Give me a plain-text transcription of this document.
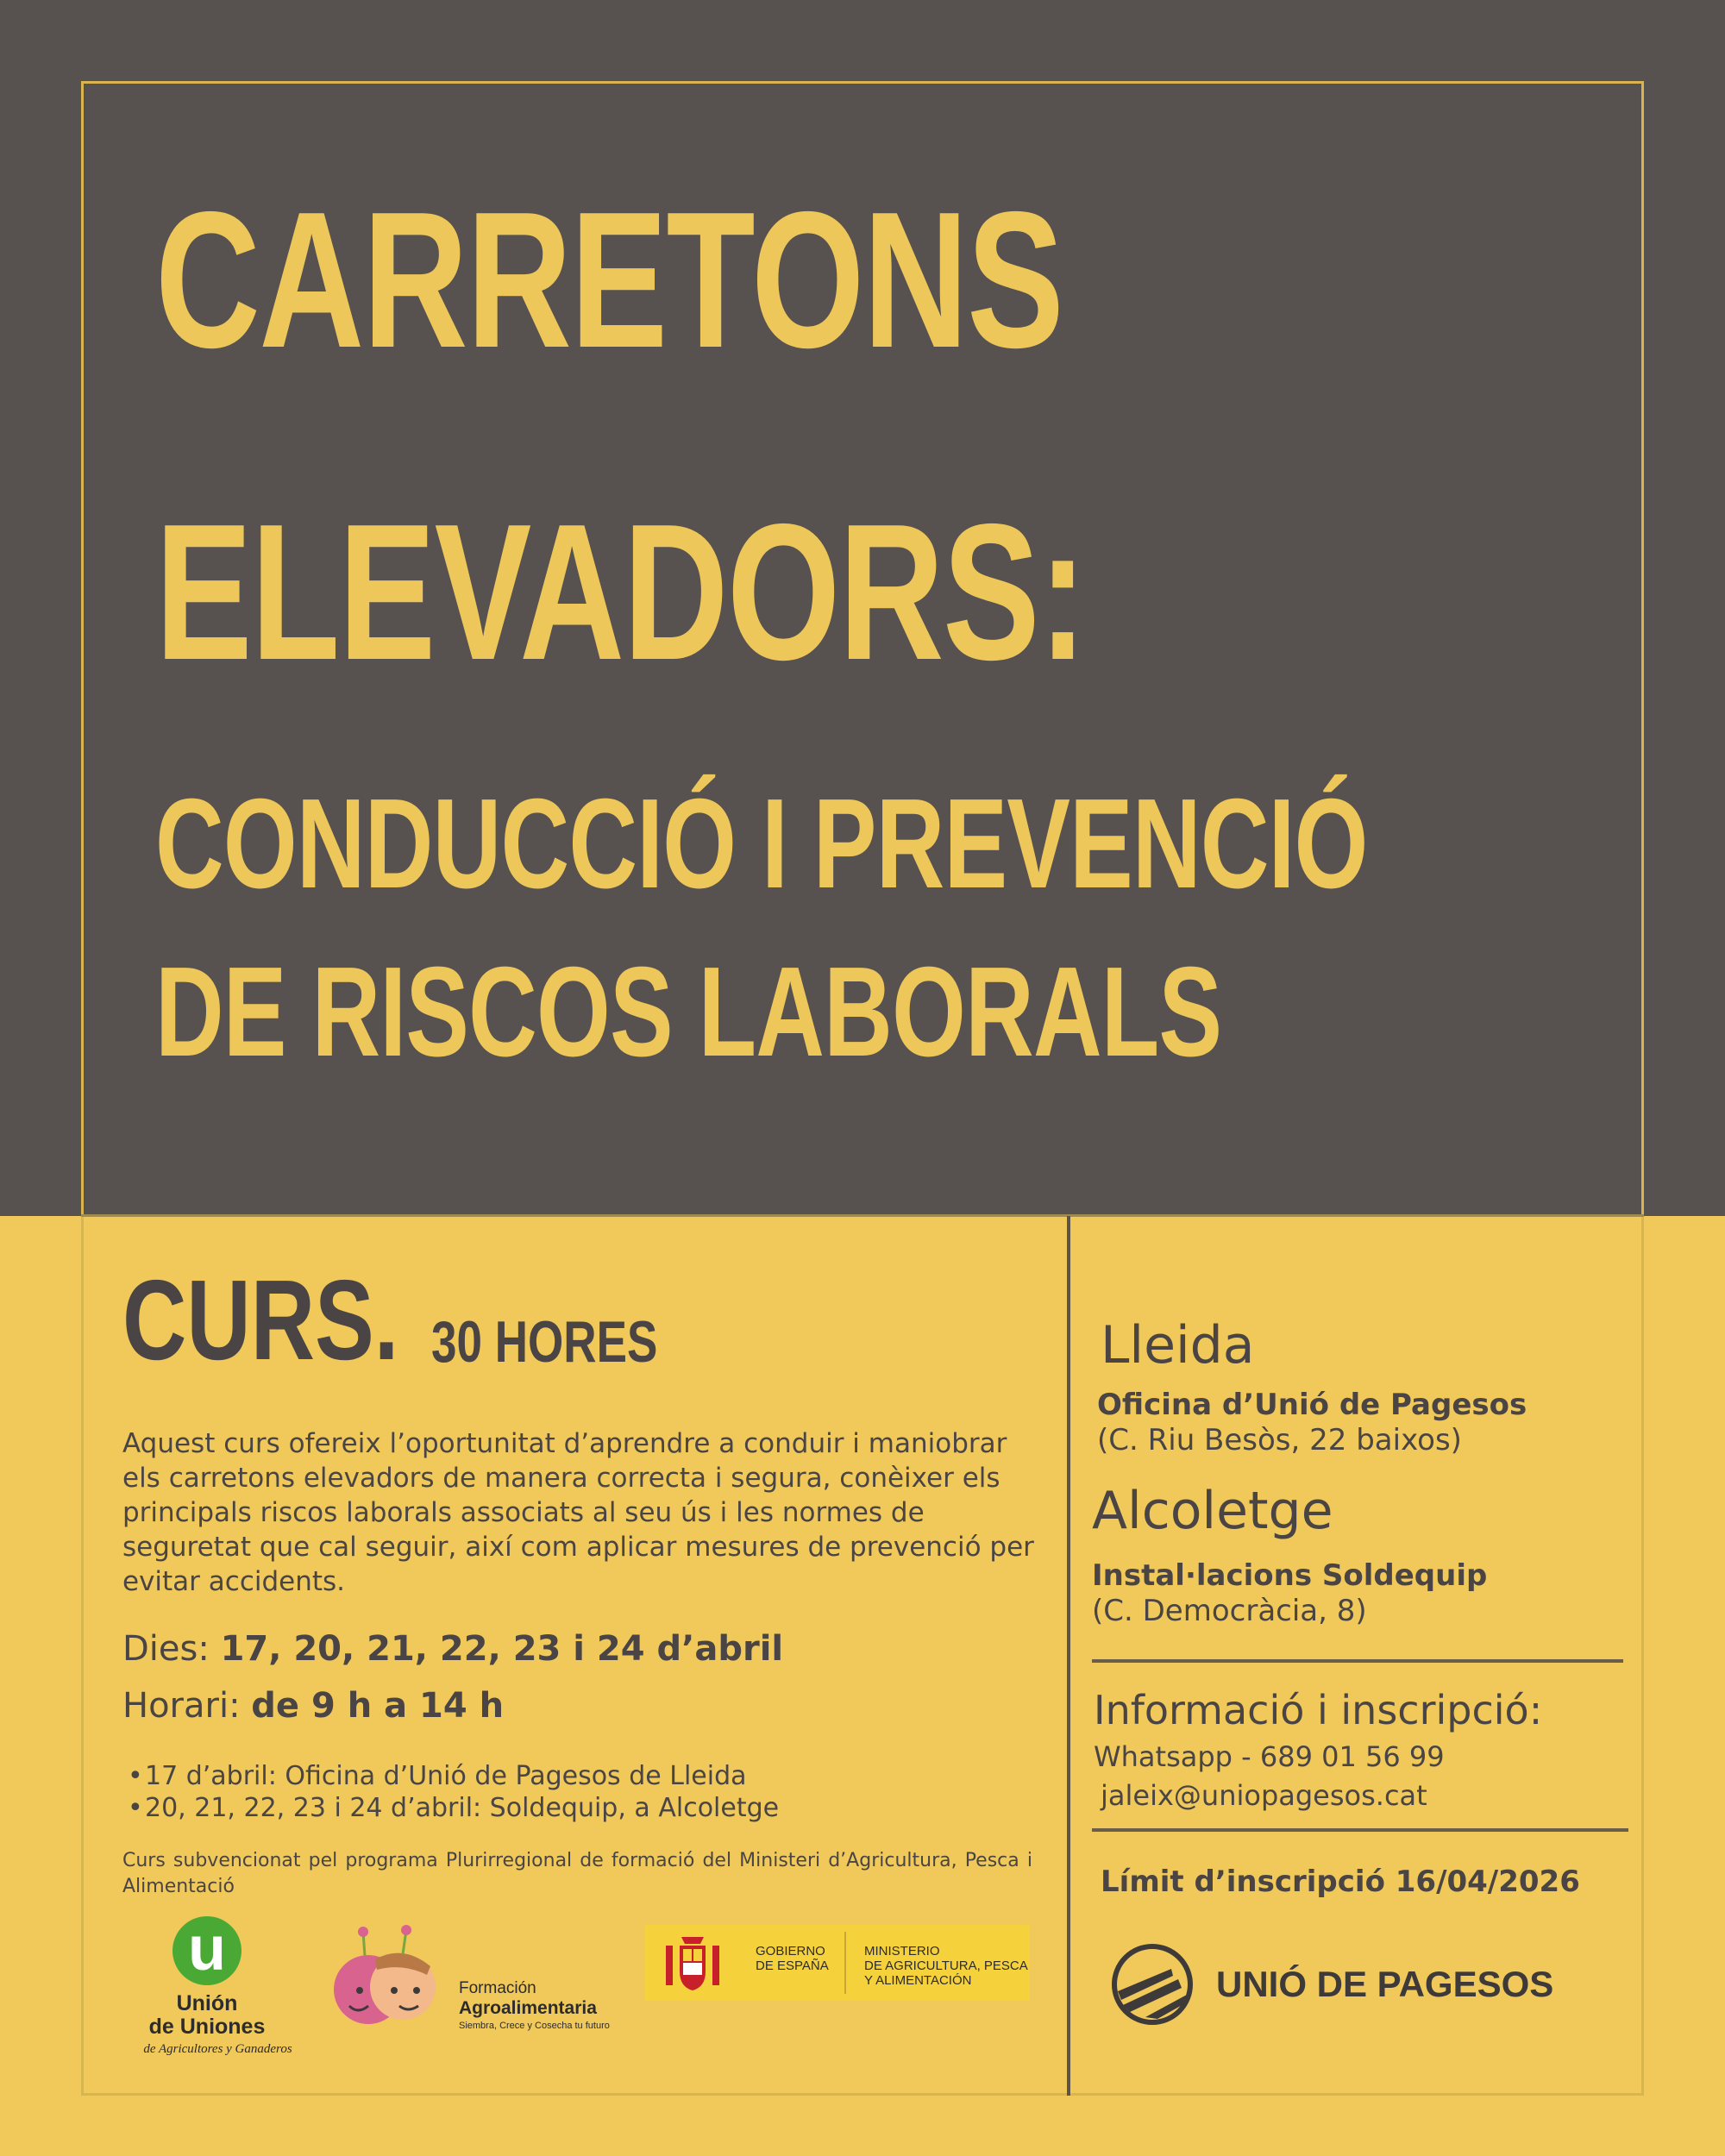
CARRETONS
ELEVADORS:
CONDUCCIÓ I PREVENCIÓ
DE RISCOS LABORALS
CURS. 30 HORES

Aquest curs ofereix l’oportunitat d’aprendre a conduir i maniobrar els carretons elevadors de manera correcta i segura, conèixer els principals riscos laborals associats al seu ús i les normes de seguretat que cal seguir, així com aplicar mesures de prevenció per evitar accidents.

Dies: 17, 20, 21, 22, 23 i 24 d’abril
Horari: de 9 h a 14 h
• 17 d’abril: Oficina d’Unió de Pagesos de Lleida
• 20, 21, 22, 23 i 24 d’abril: Soldequip, a Alcoletge

Curs subvencionat pel programa Plurirregional de formació del Ministeri d’Agricultura, Pesca i Alimentació

u
Unión
de Uniones
de Agricultores y Ganaderos
Formación
Agroalimentaria
Siembra, Crece y Cosecha tu futuro
GOBIERNO
DE ESPAÑA
MINISTERIO
DE AGRICULTURA, PESCA
Y ALIMENTACIÓN
Lleida
Oficina d’Unió de Pagesos
(C. Riu Besòs, 22 baixos)
Alcoletge
Instal·lacions Soldequip
(C. Democràcia, 8)
Informació i inscripció:
Whatsapp - 689 01 56 99
jaleix@uniopagesos.cat
Límit d’inscripció 16/04/2026
UNIÓ DE PAGESOS
